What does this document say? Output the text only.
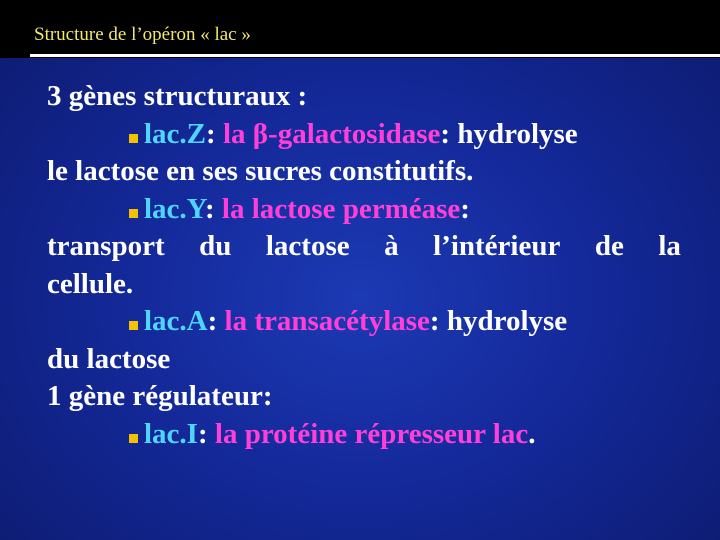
Structure de l’opéron « lac »
3 gènes structuraux :
lac.Z: la β-galactosidase: hydrolyse
le lactose en ses sucres constitutifs.
lac.Y: la lactose perméase:
transport du lactose à l’intérieur de la
cellule.
lac.A: la transacétylase: hydrolyse
du lactose
1 gène régulateur:
lac.I: la protéine répresseur lac.
